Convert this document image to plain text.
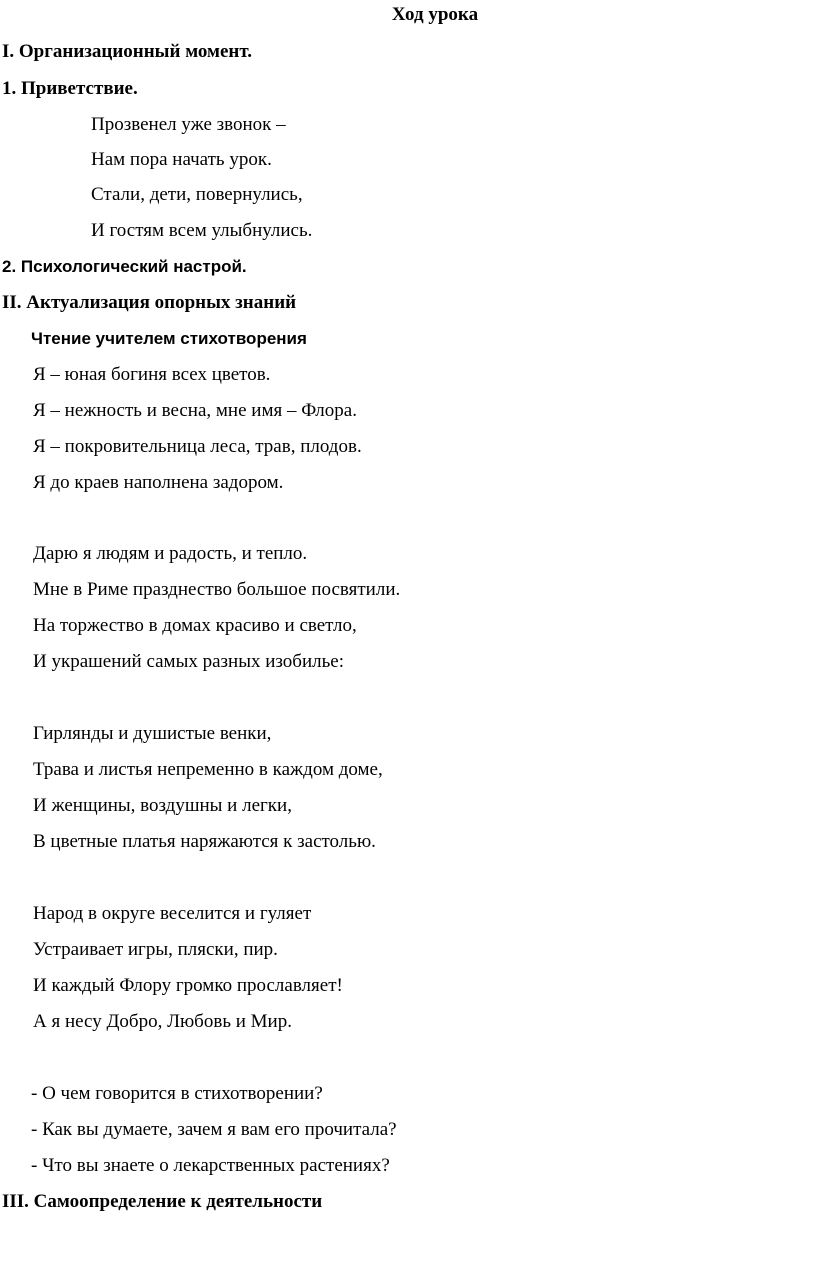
Ход урока
I. Организационный момент.
1. Приветствие.
Прозвенел уже звонок –
Нам пора начать урок.
Стали, дети, повернулись,
И гостям всем улыбнулись.
2. Психологический настрой.
II. Актуализация опорных знаний
Чтение учителем стихотворения
Я – юная богиня всех цветов.
Я – нежность и весна, мне имя – Флора.
Я – покровительница леса, трав, плодов.
Я до краев наполнена задором.
Дарю я людям и радость, и тепло.
Мне в Риме празднество большое посвятили.
На торжество в домах красиво и светло,
И украшений самых разных изобилье:
Гирлянды и душистые венки,
Трава и листья непременно в каждом доме,
И женщины, воздушны и легки,
В цветные платья наряжаются к застолью.
Народ в округе веселится и гуляет
Устраивает игры, пляски, пир.
И каждый Флору громко прославляет!
А я несу Добро, Любовь и Мир.
- О чем говорится в стихотворении?
- Как вы думаете, зачем я вам его прочитала?
- Что вы знаете о лекарственных растениях?
III. Самоопределение к деятельности
